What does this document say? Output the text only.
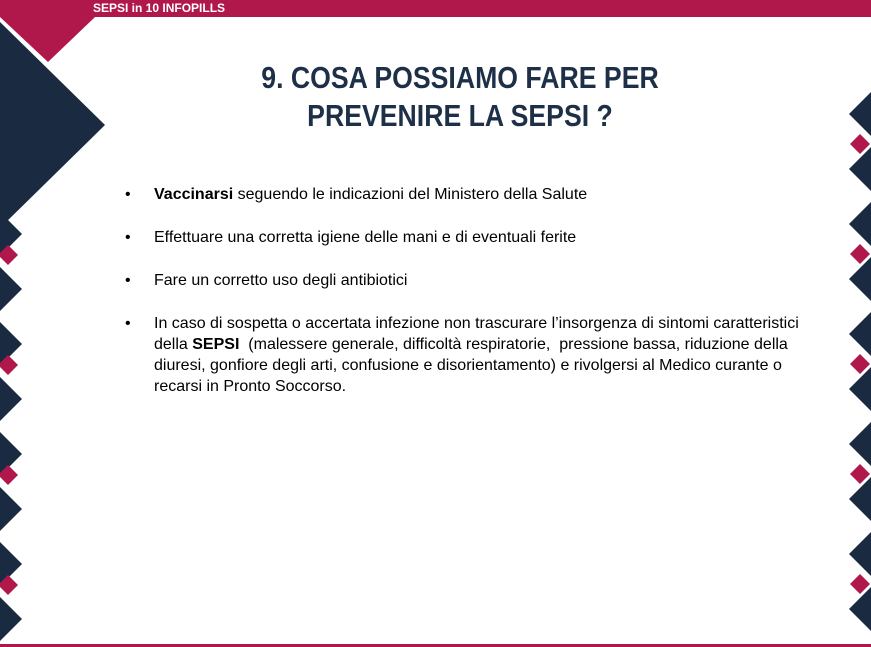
SEPSI in 10 INFOPILLS
9. COSA POSSIAMO FARE PER
PREVENIRE LA SEPSI ?
• Vaccinarsi seguendo le indicazioni del Ministero della Salute
• Effettuare una corretta igiene delle mani e di eventuali ferite
• Fare un corretto uso degli antibiotici
• In caso di sospetta o accertata infezione non trascurare l’insorgenza di sintomi caratteristici
della SEPSI  (malessere generale, difficoltà respiratorie,  pressione bassa, riduzione della
diuresi, gonfiore degli arti, confusione e disorientamento) e rivolgersi al Medico curante o
recarsi in Pronto Soccorso.
